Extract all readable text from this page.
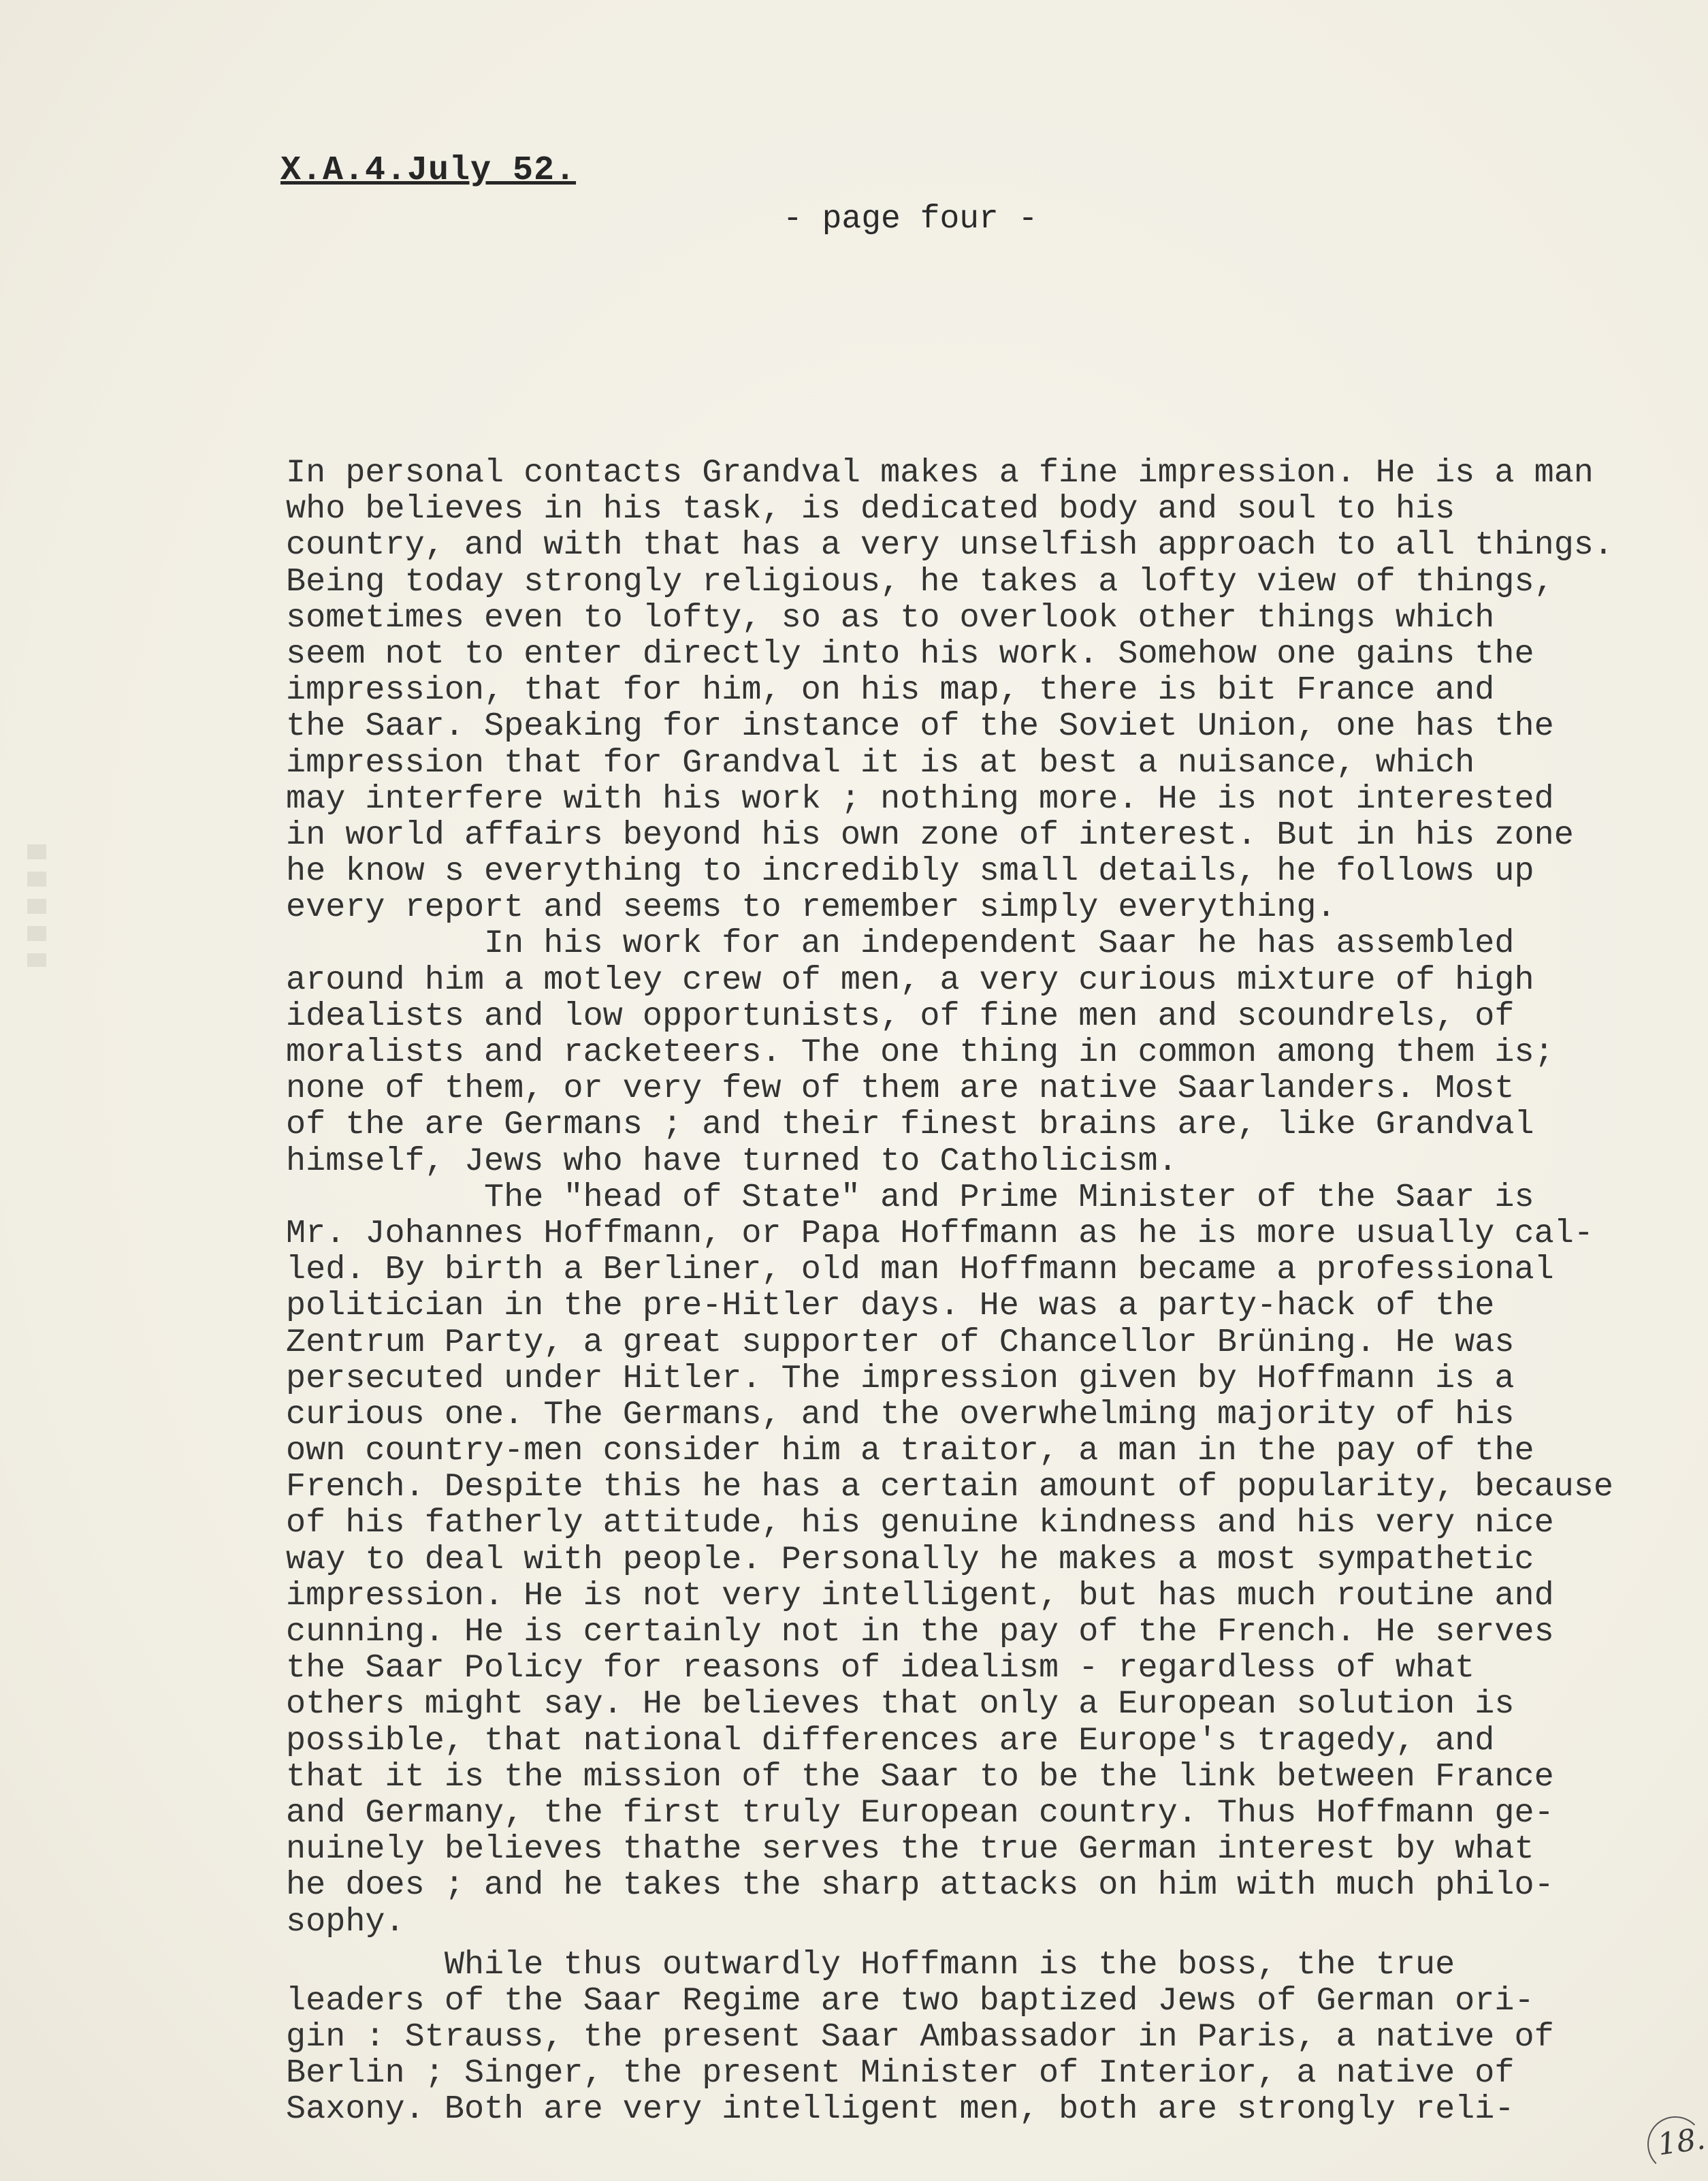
X.A.4.July 52.
- page four -
In personal contacts Grandval makes a fine impression. He is a man
who believes in his task, is dedicated body and soul to his
country, and with that has a very unselfish approach to all things.
Being today strongly religious, he takes a lofty view of things,
sometimes even to lofty, so as to overlook other things which
seem not to enter directly into his work. Somehow one gains the
impression, that for him, on his map, there is bit France and
the Saar. Speaking for instance of the Soviet Union, one has the
impression that for Grandval it is at best a nuisance, which
may interfere with his work ; nothing more. He is not interested
in world affairs beyond his own zone of interest. But in his zone
he know s everything to incredibly small details, he follows up
every report and seems to remember simply everything.
In his work for an independent Saar he has assembled
around him a motley crew of men, a very curious mixture of high
idealists and low opportunists, of fine men and scoundrels, of
moralists and racketeers. The one thing in common among them is;
none of them, or very few of them are native Saarlanders. Most
of the are Germans ; and their finest brains are, like Grandval
himself, Jews who have turned to Catholicism.
The "head of State" and Prime Minister of the Saar is
Mr. Johannes Hoffmann, or Papa Hoffmann as he is more usually cal-
led. By birth a Berliner, old man Hoffmann became a professional
politician in the pre-Hitler days. He was a party-hack of the
Zentrum Party, a great supporter of Chancellor Brüning. He was
persecuted under Hitler. The impression given by Hoffmann is a
curious one. The Germans, and the overwhelming majority of his
own country-men consider him a traitor, a man in the pay of the
French. Despite this he has a certain amount of popularity, because
of his fatherly attitude, his genuine kindness and his very nice
way to deal with people. Personally he makes a most sympathetic
impression. He is not very intelligent, but has much routine and
cunning. He is certainly not in the pay of the French. He serves
the Saar Policy for reasons of idealism - regardless of what
others might say. He believes that only a European solution is
possible, that national differences are Europe's tragedy, and
that it is the mission of the Saar to be the link between France
and Germany, the first truly European country. Thus Hoffmann ge-
nuinely believes thathe serves the true German interest by what
he does ; and he takes the sharp attacks on him with much philo-
sophy.
While thus outwardly Hoffmann is the boss, the true
leaders of the Saar Regime are two baptized Jews of German ori-
gin : Strauss, the present Saar Ambassador in Paris, a native of
Berlin ; Singer, the present Minister of Interior, a native of
Saxony. Both are very intelligent men, both are strongly reli-
18.
